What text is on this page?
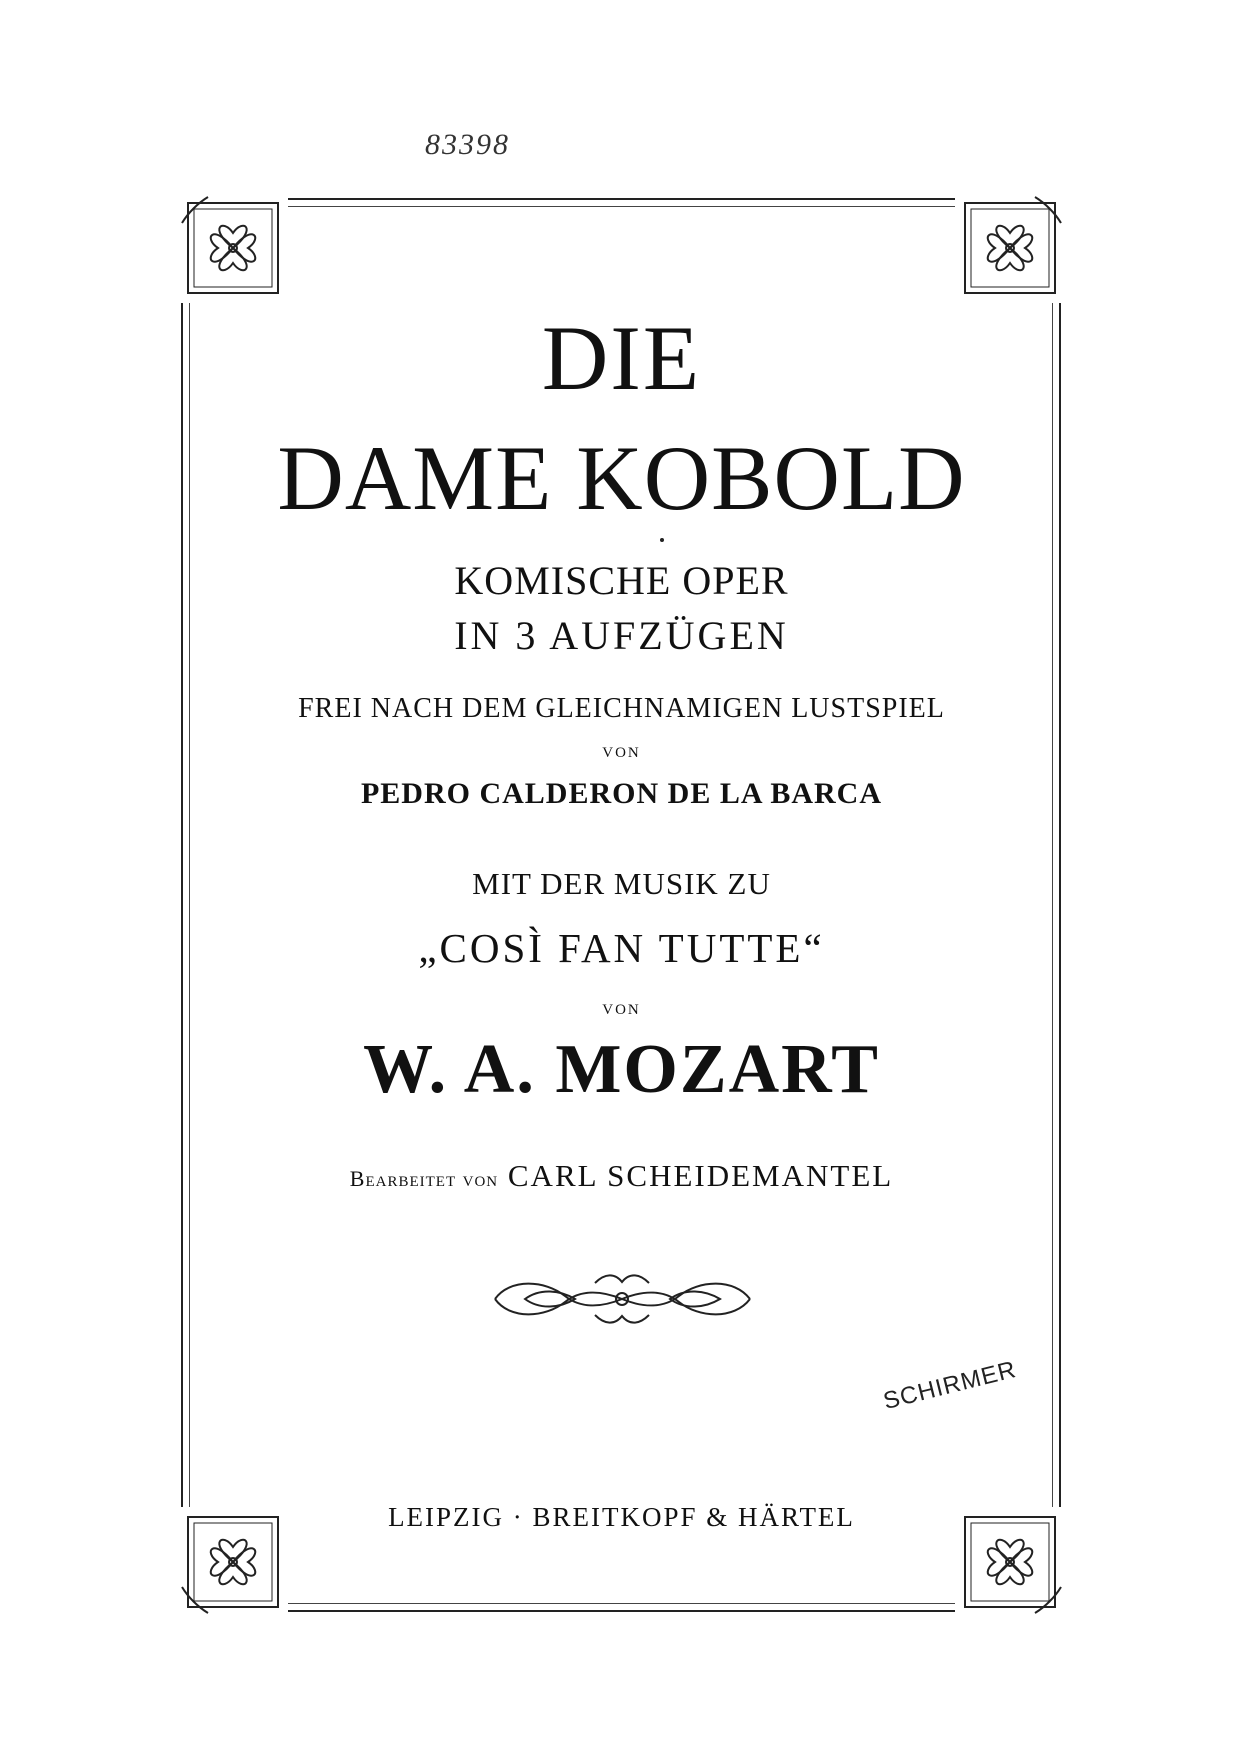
83398
DIE
DAME KOBOLD
KOMISCHE OPER
IN 3 AUFZÜGEN
FREI NACH DEM GLEICHNAMIGEN LUSTSPIEL
VON
PEDRO CALDERON DE LA BARCA
MIT DER MUSIK ZU
„COSÌ FAN TUTTE“
VON
W. A. MOZART
Bearbeitet von CARL SCHEIDEMANTEL
SCHIRMER
LEIPZIG · BREITKOPF & HÄRTEL
